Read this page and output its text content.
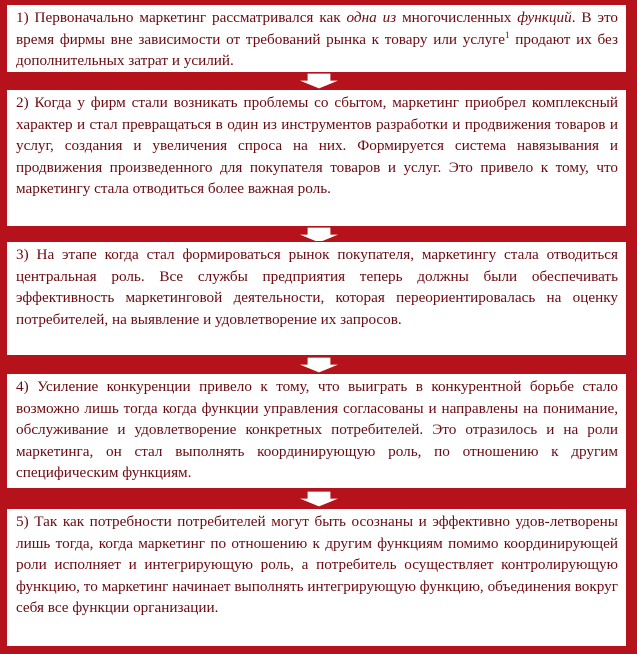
1) Первоначально маркетинг рассматривался как одна из многочисленных функций. В это время фирмы вне зависимости от требований рынка к товару или услуге$^1$ продают их без дополнительных затрат и усилий.

2) Когда у фирм стали возникать проблемы со сбытом, маркетинг приобрел комплексный характер и стал превращаться в один из инструментов разработки и продвижения товаров и услуг, создания и увеличения спроса на них. Формируется система навязывания и продвижения произведенного для покупателя товаров и услуг. Это привело к тому, что маркетингу стала отводиться более важная роль.

3) На этапе когда стал формироваться рынок покупателя, маркетингу стала отводиться центральная роль. Все службы предприятия теперь должны были обеспечивать эффективность маркетинговой деятельности, которая переориентировалась на оценку потребителей, на выявление и удовлетворение их запросов.

4) Усиление конкуренции привело к тому, что выиграть в конкурентной борьбе стало возможно лишь тогда когда функции управления согласованы и направлены на понимание, обслуживание и удовлетворение конкретных потребителей. Это отразилось и на роли маркетинга, он стал выполнять координирующую роль, по отношению к другим специфическим функциям.

5) Так как потребности потребителей могут быть осознаны и эффективно удов-летворены лишь тогда, когда маркетинг по отношению к другим функциям помимо координирующей роли исполняет и интегрирующую роль, а потребитель осуществляет контролирующую функцию, то маркетинг начинает выполнять интегрирующую функцию, объединения вокруг себя все функции организации.
